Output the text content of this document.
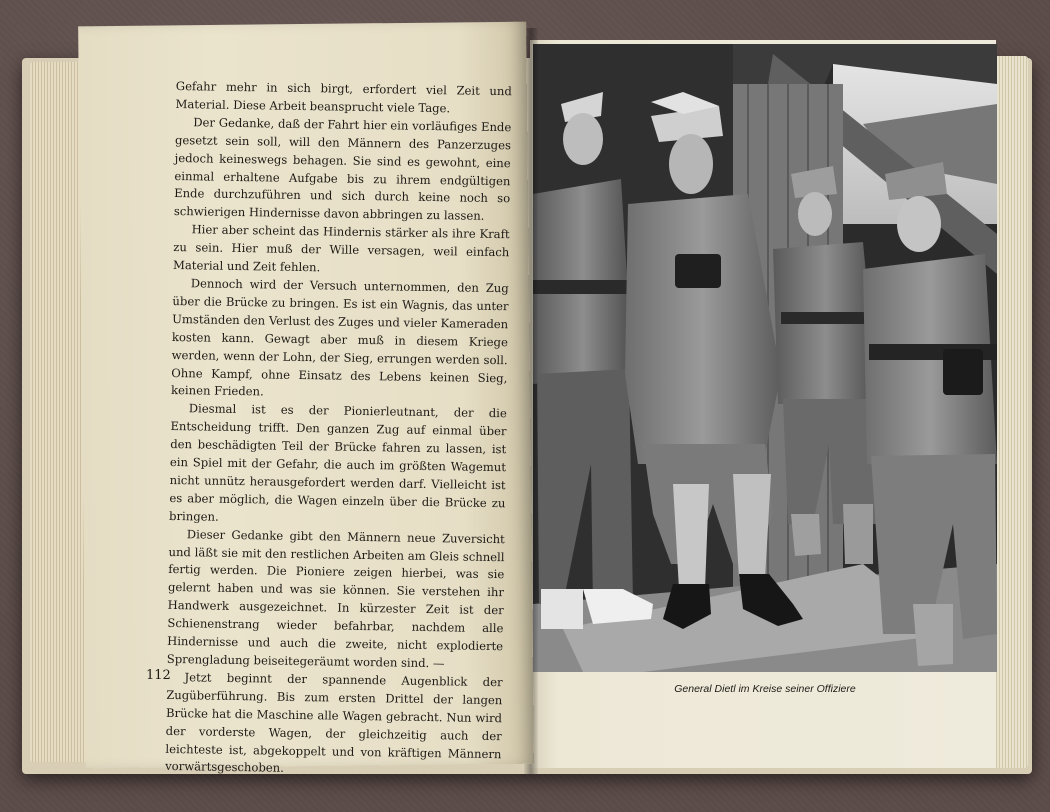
Gefahr mehr in sich birgt, erfordert viel Zeit und Material. Diese Arbeit beansprucht viele Tage.

Der Gedanke, daß der Fahrt hier ein vorläufiges Ende gesetzt sein soll, will den Männern des Panzerzuges jedoch keineswegs behagen. Sie sind es gewohnt, eine einmal erhaltene Aufgabe bis zu ihrem endgültigen Ende durchzuführen und sich durch keine noch so schwierigen Hindernisse davon abbringen zu lassen.

Hier aber scheint das Hindernis stärker als ihre Kraft zu sein. Hier muß der Wille versagen, weil einfach Material und Zeit fehlen.

Dennoch wird der Versuch unternommen, den Zug über die Brücke zu bringen. Es ist ein Wagnis, das unter Umständen den Verlust des Zuges und vieler Kameraden kosten kann. Gewagt aber muß in diesem Kriege werden, wenn der Lohn, der Sieg, errungen werden soll. Ohne Kampf, ohne Einsatz des Lebens keinen Sieg, keinen Frieden.

Diesmal ist es der Pionierleutnant, der die Entscheidung trifft. Den ganzen Zug auf einmal über den beschädigten Teil der Brücke fahren zu lassen, ist ein Spiel mit der Gefahr, die auch im größten Wagemut nicht unnütz herausgefordert werden darf. Vielleicht ist es aber möglich, die Wagen einzeln über die Brücke zu bringen.

Dieser Gedanke gibt den Männern neue Zuversicht und läßt sie mit den restlichen Arbeiten am Gleis schnell fertig werden. Die Pioniere zeigen hierbei, was sie gelernt haben und was sie können. Sie verstehen ihr Handwerk ausgezeichnet. In kürzester Zeit ist der Schienenstrang wieder befahrbar, nachdem alle Hindernisse und auch die zweite, nicht explodierte Sprengladung beiseitegeräumt worden sind. —

Jetzt beginnt der spannende Augenblick der Zugüberführung. Bis zum ersten Drittel der langen Brücke hat die Maschine alle Wagen gebracht. Nun wird der vorderste Wagen, der gleichzeitig auch der leichteste ist, abgekoppelt und von kräftigen Männern vorwärtsgeschoben.

112
General Dietl im Kreise seiner Offiziere
